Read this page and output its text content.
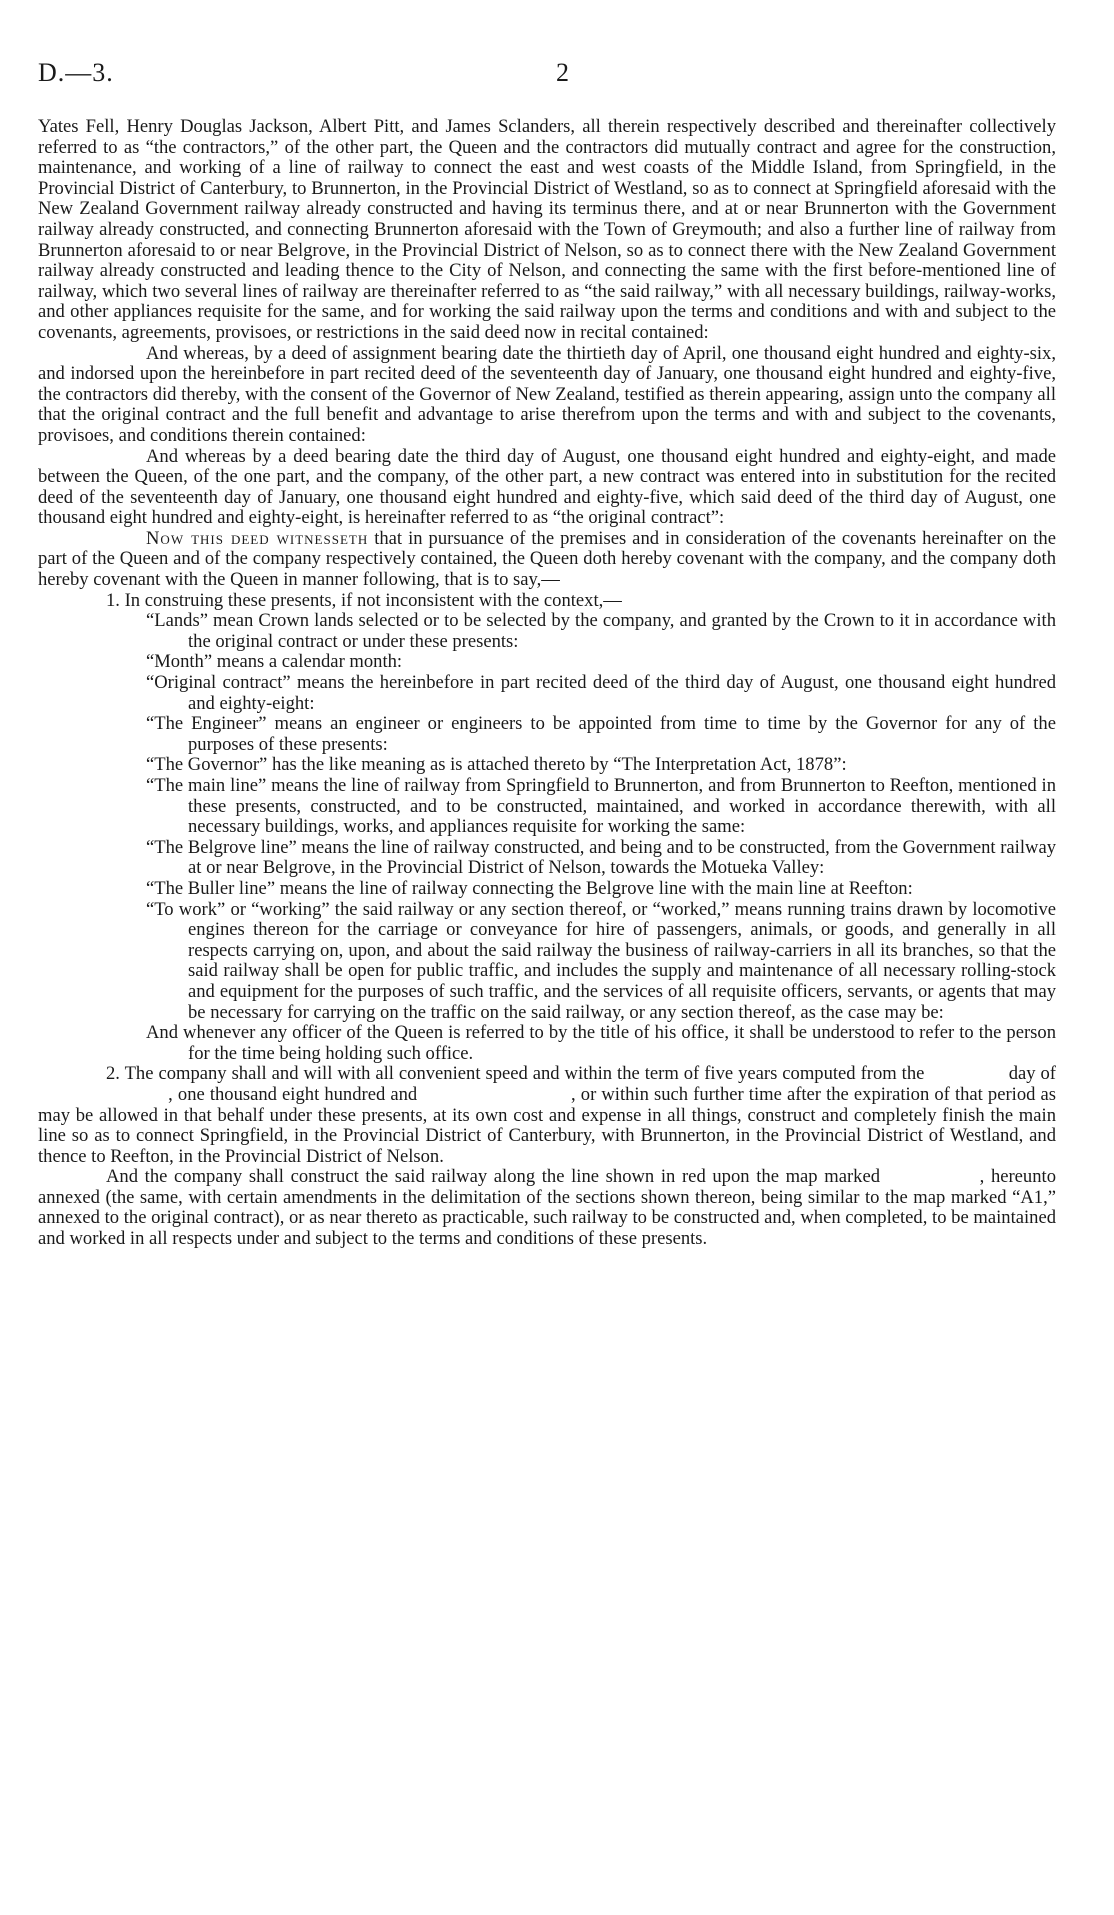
D.—3.	2

Yates Fell, Henry Douglas Jackson, Albert Pitt, and James Sclanders, all therein respectively described and thereinafter collectively referred to as “the contractors,” of the other part, the Queen and the contractors did mutually contract and agree for the construction, maintenance, and working of a line of railway to connect the east and west coasts of the Middle Island, from Springfield, in the Provincial District of Canterbury, to Brunnerton, in the Provincial District of Westland, so as to connect at Springfield aforesaid with the New Zealand Government railway already constructed and having its terminus there, and at or near Brunnerton with the Government railway already constructed, and connecting Brunnerton aforesaid with the Town of Greymouth; and also a further line of railway from Brunnerton aforesaid to or near Belgrove, in the Provincial District of Nelson, so as to connect there with the New Zealand Government railway already constructed and leading thence to the City of Nelson, and connecting the same with the first before-mentioned line of railway, which two several lines of railway are thereinafter referred to as “the said railway,” with all necessary buildings, railway-works, and other appliances requisite for the same, and for working the said railway upon the terms and conditions and with and subject to the covenants, agreements, provisoes, or restrictions in the said deed now in recital contained:

And whereas, by a deed of assignment bearing date the thirtieth day of April, one thousand eight hundred and eighty-six, and indorsed upon the hereinbefore in part recited deed of the seventeenth day of January, one thousand eight hundred and eighty-five, the contractors did thereby, with the consent of the Governor of New Zealand, testified as therein appearing, assign unto the company all that the original contract and the full benefit and advantage to arise therefrom upon the terms and with and subject to the covenants, provisoes, and conditions therein contained:

And whereas by a deed bearing date the third day of August, one thousand eight hundred and eighty-eight, and made between the Queen, of the one part, and the company, of the other part, a new contract was entered into in substitution for the recited deed of the seventeenth day of January, one thousand eight hundred and eighty-five, which said deed of the third day of August, one thousand eight hundred and eighty-eight, is hereinafter referred to as “the original contract”:

Now this deed witnesseth that in pursuance of the premises and in consideration of the covenants hereinafter on the part of the Queen and of the company respectively contained, the Queen doth hereby covenant with the company, and the company doth hereby covenant with the Queen in manner following, that is to say,—

1. In construing these presents, if not inconsistent with the context,—

“Lands” mean Crown lands selected or to be selected by the company, and granted by the Crown to it in accordance with the original contract or under these presents:

“Month” means a calendar month:

“Original contract” means the hereinbefore in part recited deed of the third day of August, one thousand eight hundred and eighty-eight:

“The Engineer” means an engineer or engineers to be appointed from time to time by the Governor for any of the purposes of these presents:

“The Governor” has the like meaning as is attached thereto by “The Interpretation Act, 1878”:

“The main line” means the line of railway from Springfield to Brunnerton, and from Brunnerton to Reefton, mentioned in these presents, constructed, and to be constructed, maintained, and worked in accordance therewith, with all necessary buildings, works, and appliances requisite for working the same:

“The Belgrove line” means the line of railway constructed, and being and to be constructed, from the Government railway at or near Belgrove, in the Provincial District of Nelson, towards the Motueka Valley:

“The Buller line” means the line of railway connecting the Belgrove line with the main line at Reefton:

“To work” or “working” the said railway or any section thereof, or “worked,” means running trains drawn by locomotive engines thereon for the carriage or conveyance for hire of passengers, animals, or goods, and generally in all respects carrying on, upon, and about the said railway the business of railway-carriers in all its branches, so that the said railway shall be open for public traffic, and includes the supply and maintenance of all necessary rolling-stock and equipment for the purposes of such traffic, and the services of all requisite officers, servants, or agents that may be necessary for carrying on the traffic on the said railway, or any section thereof, as the case may be:

And whenever any officer of the Queen is referred to by the title of his office, it shall be understood to refer to the person for the time being holding such office.

2. The company shall and will with all convenient speed and within the term of five years computed from the      day of        , one thousand eight hundred and         , or within such further time after the expiration of that period as may be allowed in that behalf under these presents, at its own cost and expense in all things, construct and completely finish the main line so as to connect Springfield, in the Provincial District of Canterbury, with Brunnerton, in the Provincial District of Westland, and thence to Reefton, in the Provincial District of Nelson.

And the company shall construct the said railway along the line shown in red upon the map marked      , hereunto annexed (the same, with certain amendments in the delimitation of the sections shown thereon, being similar to the map marked “A1,” annexed to the original contract), or as near thereto as practicable, such railway to be constructed and, when completed, to be maintained and worked in all respects under and subject to the terms and conditions of these presents.
